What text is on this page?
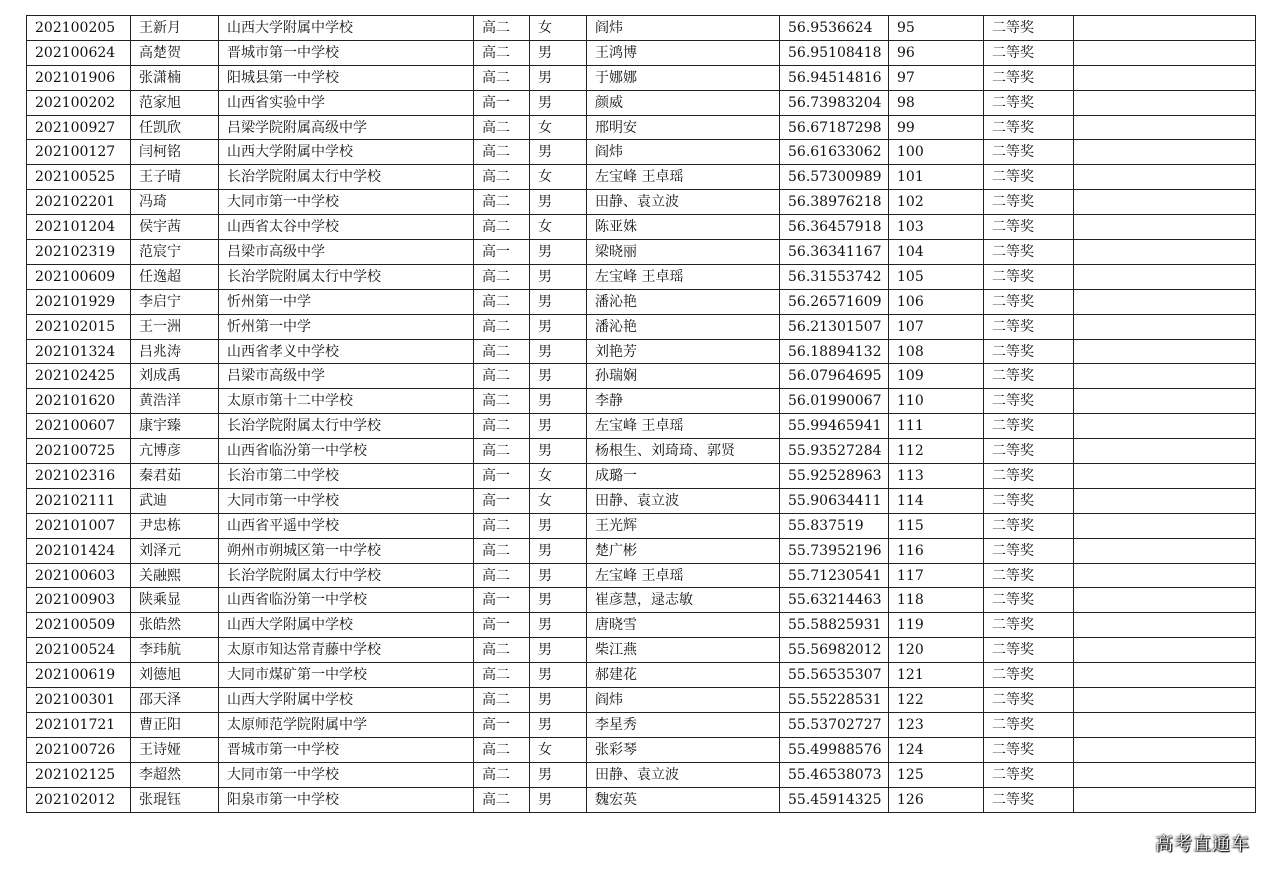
202100205	王新月	山西大学附属中学校	高二	女	阎炜	56.9536624	95	二等奖	
202100624	高楚贺	晋城市第一中学校	高二	男	王鸿博	56.95108418	96	二等奖	
202101906	张潇楠	阳城县第一中学校	高二	男	于娜娜	56.94514816	97	二等奖	
202100202	范家旭	山西省实验中学	高一	男	颜威	56.73983204	98	二等奖	
202100927	任凯欣	吕梁学院附属高级中学	高二	女	邢明安	56.67187298	99	二等奖	
202100127	闫柯铭	山西大学附属中学校	高二	男	阎炜	56.61633062	100	二等奖	
202100525	王子晴	长治学院附属太行中学校	高二	女	左宝峰 王卓瑶	56.57300989	101	二等奖	
202102201	冯琦	大同市第一中学校	高二	男	田静、袁立波	56.38976218	102	二等奖	
202101204	侯宇茜	山西省太谷中学校	高二	女	陈亚姝	56.36457918	103	二等奖	
202102319	范宸宁	吕梁市高级中学	高一	男	梁晓丽	56.36341167	104	二等奖	
202100609	任逸超	长治学院附属太行中学校	高二	男	左宝峰 王卓瑶	56.31553742	105	二等奖	
202101929	李启宁	忻州第一中学	高二	男	潘沁艳	56.26571609	106	二等奖	
202102015	王一洲	忻州第一中学	高二	男	潘沁艳	56.21301507	107	二等奖	
202101324	吕兆涛	山西省孝义中学校	高二	男	刘艳芳	56.18894132	108	二等奖	
202102425	刘成禹	吕梁市高级中学	高二	男	孙瑞娴	56.07964695	109	二等奖	
202101620	黄浩洋	太原市第十二中学校	高二	男	李静	56.01990067	110	二等奖	
202100607	康宇臻	长治学院附属太行中学校	高二	男	左宝峰 王卓瑶	55.99465941	111	二等奖	
202100725	亢博彦	山西省临汾第一中学校	高二	男	杨根生、刘琦琦、郭贤	55.93527284	112	二等奖	
202102316	秦君茹	长治市第二中学校	高一	女	成璐一	55.92528963	113	二等奖	
202102111	武迪	大同市第一中学校	高一	女	田静、袁立波	55.90634411	114	二等奖	
202101007	尹忠栋	山西省平遥中学校	高二	男	王光辉	55.837519	115	二等奖	
202101424	刘泽元	朔州市朔城区第一中学校	高二	男	楚广彬	55.73952196	116	二等奖	
202100603	关融熙	长治学院附属太行中学校	高二	男	左宝峰 王卓瑶	55.71230541	117	二等奖	
202100903	陕乘显	山西省临汾第一中学校	高一	男	崔彦慧，逯志敏	55.63214463	118	二等奖	
202100509	张皓然	山西大学附属中学校	高一	男	唐晓雪	55.58825931	119	二等奖	
202100524	李玮航	太原市知达常青藤中学校	高二	男	柴江燕	55.56982012	120	二等奖	
202100619	刘德旭	大同市煤矿第一中学校	高二	男	郝建花	55.56535307	121	二等奖	
202100301	邵天泽	山西大学附属中学校	高二	男	阎炜	55.55228531	122	二等奖	
202101721	曹正阳	太原师范学院附属中学	高一	男	李星秀	55.53702727	123	二等奖	
202100726	王诗娅	晋城市第一中学校	高二	女	张彩琴	55.49988576	124	二等奖	
202102125	李超然	大同市第一中学校	高二	男	田静、袁立波	55.46538073	125	二等奖	
202102012	张琨钰	阳泉市第一中学校	高二	男	魏宏英	55.45914325	126	二等奖	
高考直通车
